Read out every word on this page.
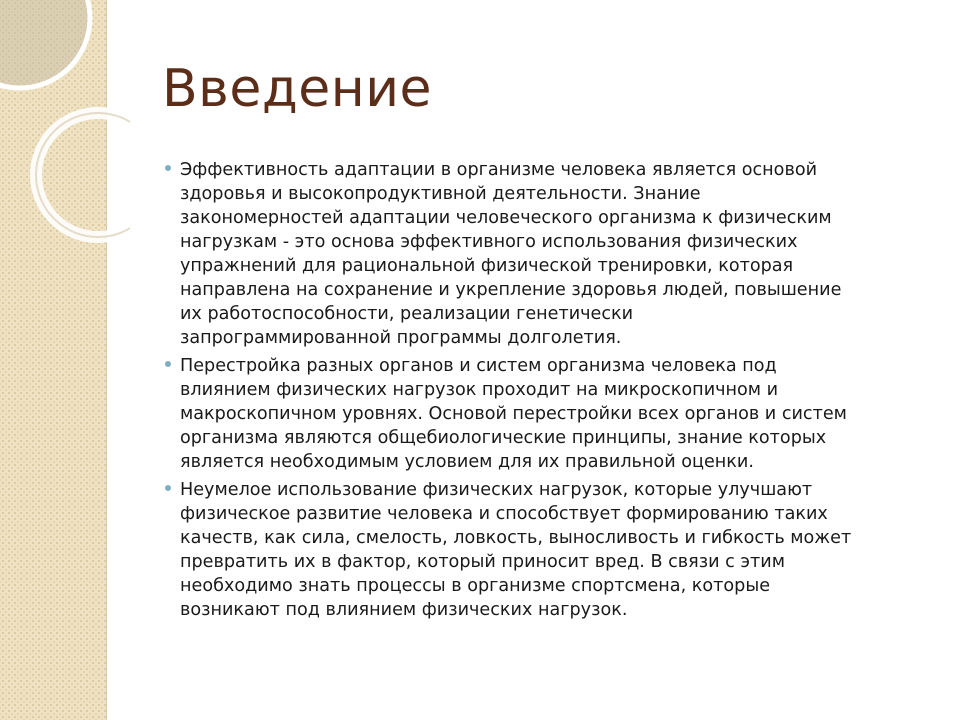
Введение
Эффективность адаптации в организме человека является основой
здоровья и высокопродуктивной деятельности. Знание
закономерностей адаптации человеческого организма к физическим
нагрузкам - это основа эффективного использования физических
упражнений для рациональной физической тренировки, которая
направлена на сохранение и укрепление здоровья людей, повышение
их работоспособности, реализации генетически
запрограммированной программы долголетия.
Перестройка разных органов и систем организма человека под
влиянием физических нагрузок проходит на микроскопичном и
макроскопичном уровнях. Основой перестройки всех органов и систем
организма являются общебиологические принципы, знание которых
является необходимым условием для их правильной оценки.
Неумелое использование физических нагрузок, которые улучшают
физическое развитие человека и способствует формированию таких
качеств, как сила, смелость, ловкость, выносливость и гибкость может
превратить их в фактор, который приносит вред. В связи с этим
необходимо знать процессы в организме спортсмена, которые
возникают под влиянием физических нагрузок.
